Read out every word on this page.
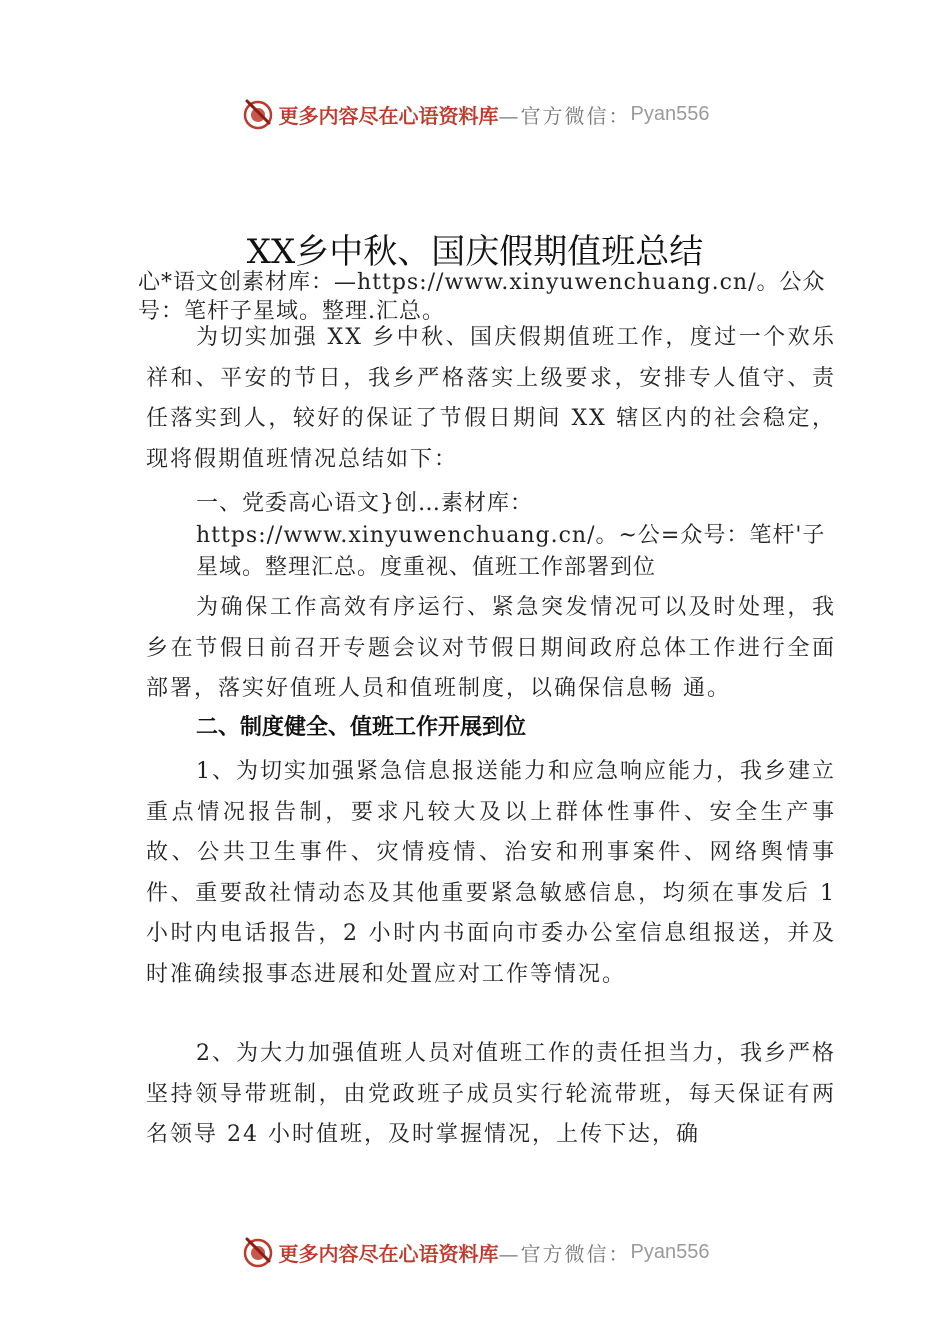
更多内容尽在心语资料库 —官方微信： Pyan556
XX乡中秋、国庆假期值班总结
心*语文创素材库：—https://www.xinyuwenchuang.cn/。公众号：笔杆子星域。整理.汇总。
为切实加强 XX 乡中秋、国庆假期值班工作，度过一个欢乐祥和、平安的节日，我乡严格落实上级要求，安排专人值守、责任落实到人，较好的保证了节假日期间 XX 辖区内的社会稳定，现将假期值班情况总结如下：
一、党委高心语文}创…素材库：https://www.xinyuwenchuang.cn/。~公=众号：笔杆'子星域。整理汇总。度重视、值班工作部署到位
为确保工作高效有序运行、紧急突发情况可以及时处理，我乡在节假日前召开专题会议对节假日期间政府总体工作进行全面部署，落实好值班人员和值班制度，以确保信息畅 通。
二、制度健全、值班工作开展到位
1、为切实加强紧急信息报送能力和应急响应能力，我乡建立重点情况报告制，要求凡较大及以上群体性事件、安全生产事故、公共卫生事件、灾情疫情、治安和刑事案件、网络舆情事件、重要敌社情动态及其他重要紧急敏感信息，均须在事发后 1 小时内电话报告，2 小时内书面向市委办公室信息组报送，并及时准确续报事态进展和处置应对工作等情况。
2、为大力加强值班人员对值班工作的责任担当力，我乡严格坚持领导带班制，由党政班子成员实行轮流带班，每天保证有两名领导 24 小时值班，及时掌握情况，上传下达，确
更多内容尽在心语资料库 —官方微信： Pyan556
